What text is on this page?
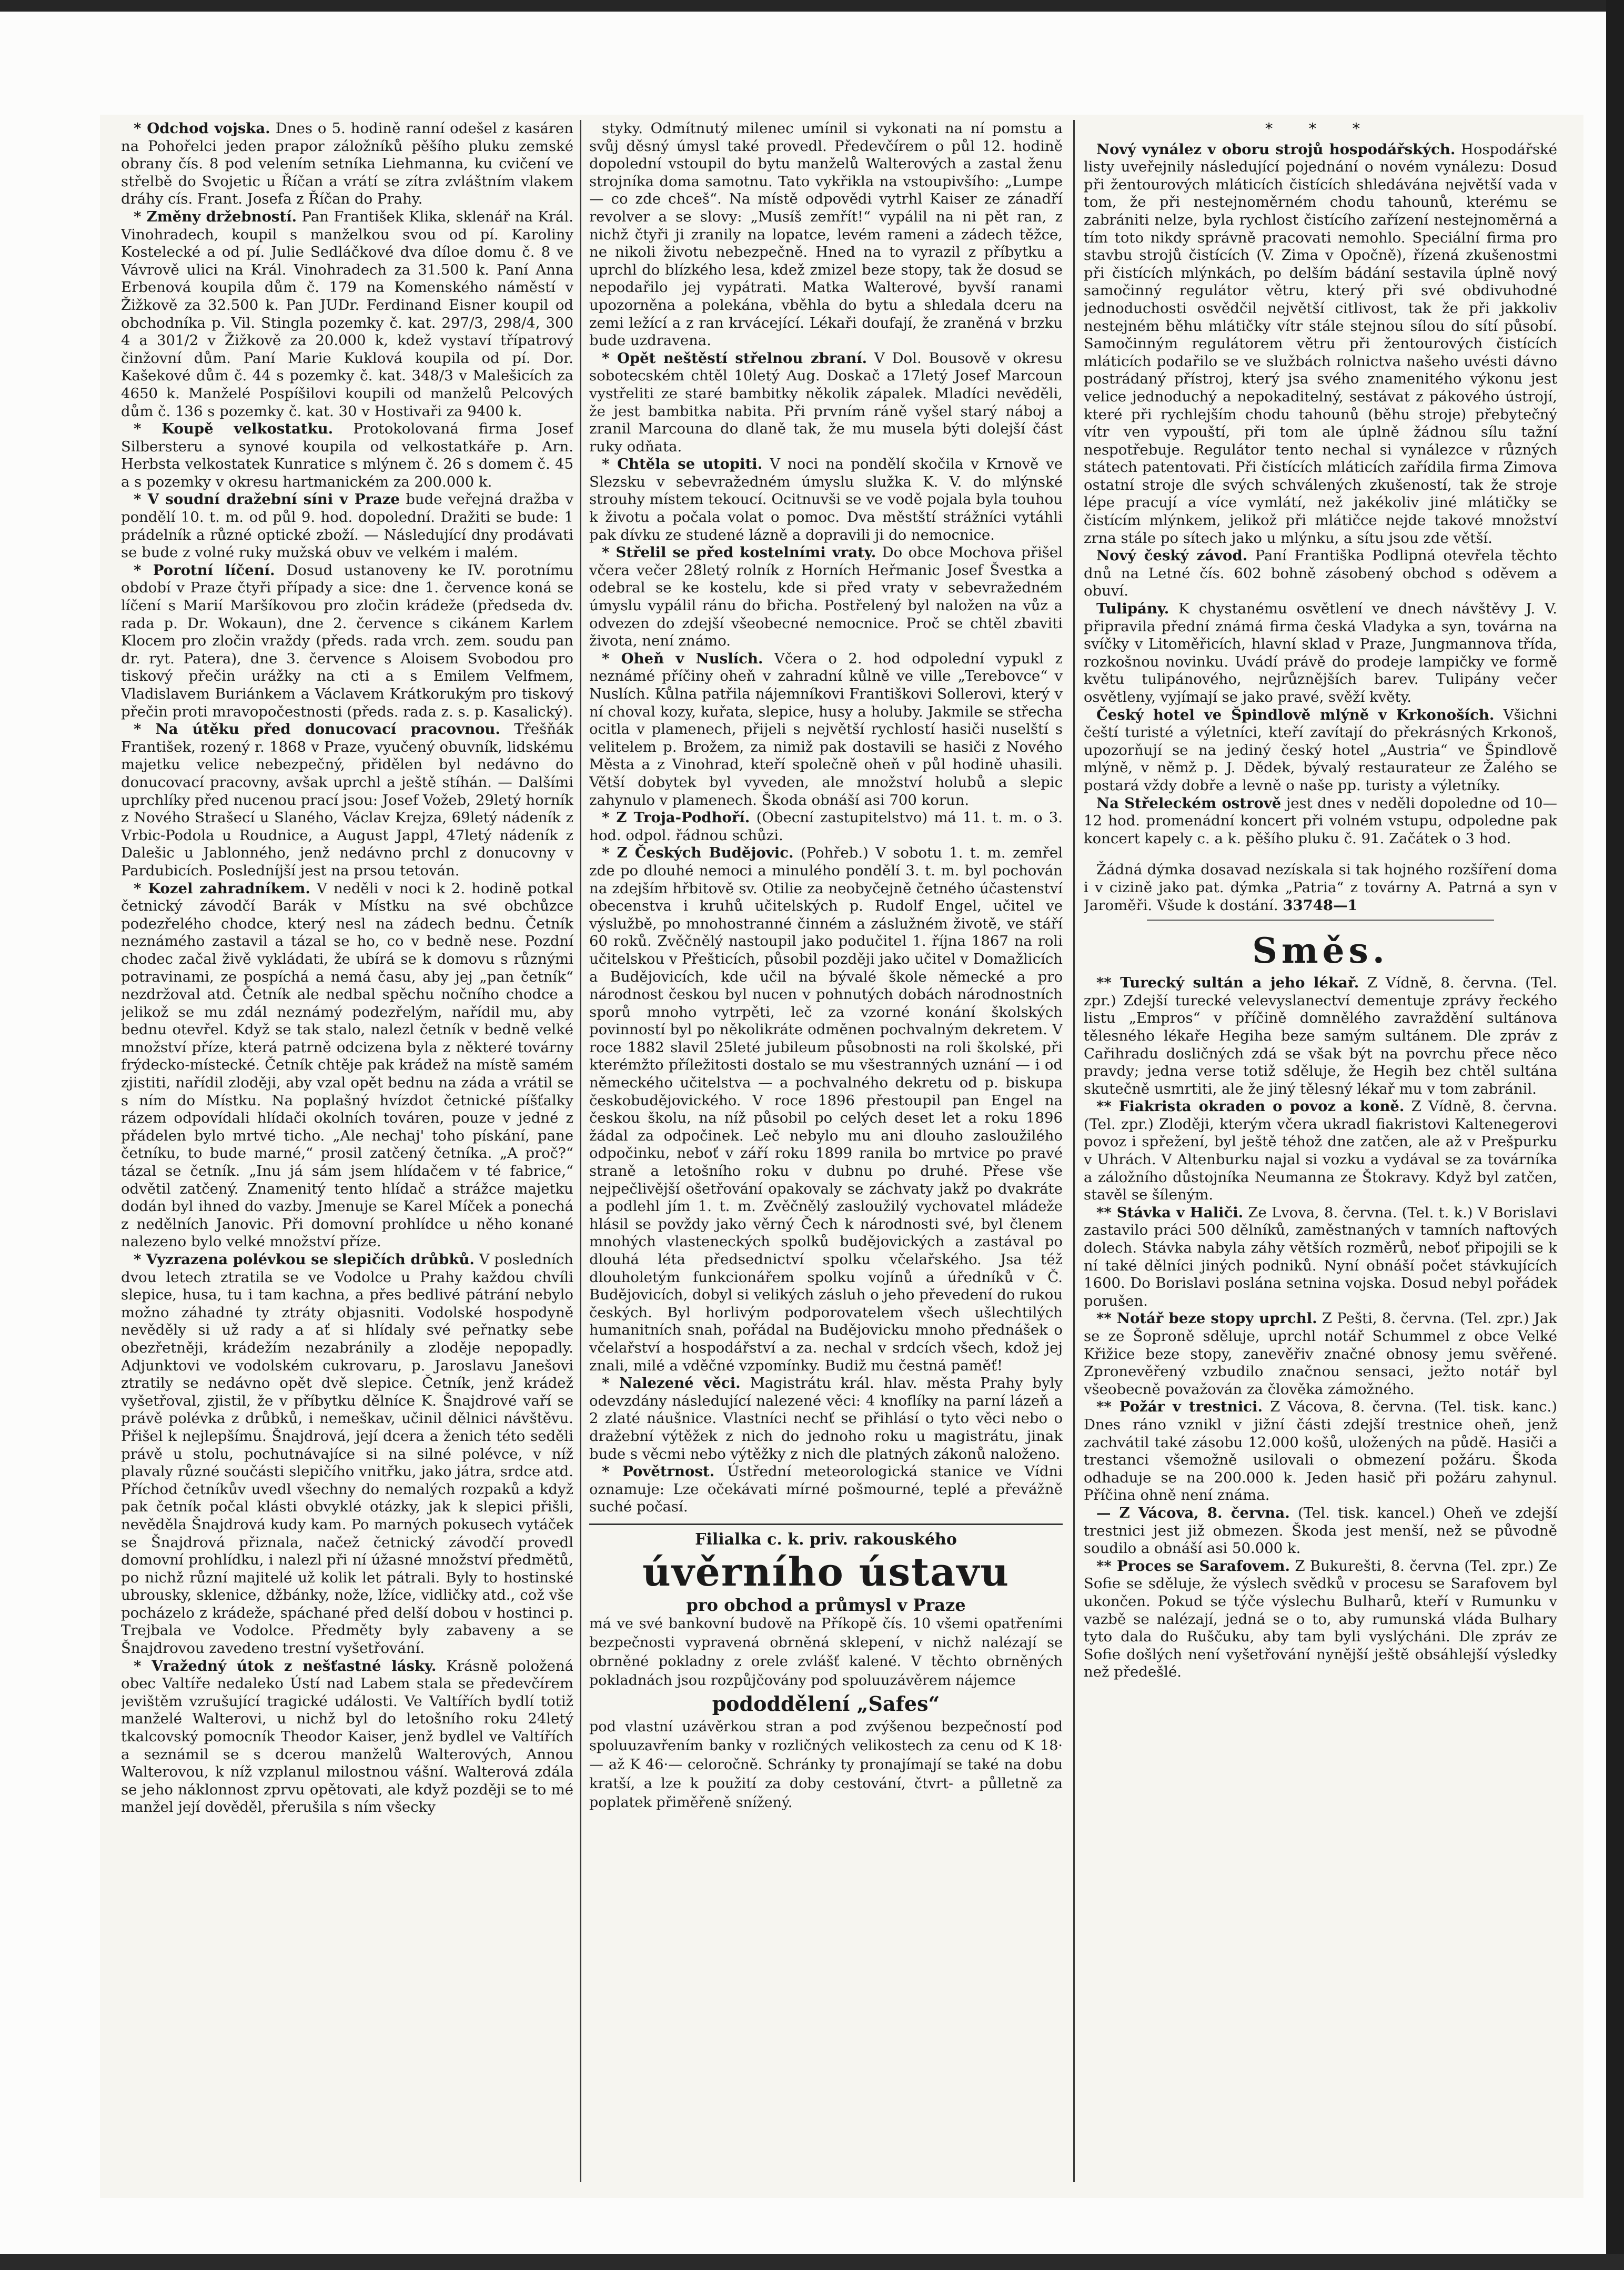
* Odchod vojska. Dnes o 5. hodině ranní odešel z kasáren na Pohořelci jeden prapor záložníků pěšího pluku zemské obrany čís. 8 pod velením setníka Liehmanna, ku cvičení ve střelbě do Svojetic u Říčan a vrátí se zítra zvláštním vlakem dráhy cís. Frant. Josefa z Říčan do Prahy.

* Změny držebností. Pan František Klika, sklenář na Král. Vinohradech, koupil s manželkou svou od pí. Karoliny Kostelecké a od pí. Julie Sedláčkové dva díloe domu č. 8 ve Vávrově ulici na Král. Vinohradech za 31.500 k. Paní Anna Erbenová koupila dům č. 179 na Komenského náměstí v Žižkově za 32.500 k. Pan JUDr. Ferdinand Eisner koupil od obchodníka p. Vil. Stingla pozemky č. kat. 297/3, 298/4, 300 4 a 301/2 v Žižkově za 20.000 k, kdež vystaví třípatrový činžovní dům. Paní Marie Kuklová koupila od pí. Dor. Kašekové dům č. 44 s pozemky č. kat. 348/3 v Malešicích za 4650 k. Manželé Pospíšilovi koupili od manželů Pelcových dům č. 136 s pozemky č. kat. 30 v Hostivaři za 9400 k.

* Koupě velkostatku. Protokolovaná firma Josef Silbersteru a synové koupila od velkostatkáře p. Arn. Herbsta velkostatek Kunratice s mlýnem č. 26 s domem č. 45 a s pozemky v okresu hartmanickém za 200.000 k.

* V soudní dražební síni v Praze bude veřejná dražba v pondělí 10. t. m. od půl 9. hod. dopolední. Dražiti se bude: 1 prádelník a různé optické zboží. — Následující dny prodávati se bude z volné ruky mužská obuv ve velkém i malém.

* Porotní líčení. Dosud ustanoveny ke IV. porotnímu období v Praze čtyři případy a sice: dne 1. července koná se líčení s Marií Maršíkovou pro zločin krádeže (předseda dv. rada p. Dr. Wokaun), dne 2. července s cikánem Karlem Klocem pro zločin vraždy (předs. rada vrch. zem. soudu pan dr. ryt. Patera), dne 3. července s Aloisem Svobodou pro tiskový přečin urážky na cti a s Emilem Velfmem, Vladislavem Buriánkem a Václavem Krátkorukým pro tiskový přečin proti mravopočestnosti (předs. rada z. s. p. Kasalický).

* Na útěku před donucovací pracovnou. Třešňák František, rozený r. 1868 v Praze, vyučený obuvník, lidskému majetku velice nebezpečný, přidělen byl nedávno do donucovací pracovny, avšak uprchl a ještě stíhán. — Dalšími uprchlíky před nucenou prací jsou: Josef Vožeb, 29letý horník z Nového Strašecí u Slaného, Václav Krejza, 69letý nádeník z Vrbic-Podola u Roudnice, a August Jappl, 47letý nádeník z Dalešic u Jablonného, jenž nedávno prchl z donucovny v Pardubicích. Posledníjší jest na prsou tetován.

* Kozel zahradníkem. V neděli v noci k 2. hodině potkal četnický závodčí Barák v Místku na své obchůzce podezřelého chodce, který nesl na zádech bednu. Četník neznámého zastavil a tázal se ho, co v bedně nese. Pozdní chodec začal živě vykládati, že ubírá se k domovu s různými potravinami, ze pospíchá a nemá času, aby jej „pan četník“ nezdržoval atd. Četník ale nedbal spěchu nočního chodce a jelikož se mu zdál neznámý podezřelým, nařídil mu, aby bednu otevřel. Když se tak stalo, nalezl četník v bedně velké množství příze, která patrně odcizena byla z některé továrny frýdecko-místecké. Četník chtěje pak krádež na místě samém zjistiti, nařídil zloději, aby vzal opět bednu na záda a vrátil se s ním do Místku. Na poplašný hvízdot četnické píšťalky rázem odpovídali hlídači okolních továren, pouze v jedné z přádelen bylo mrtvé ticho. „Ale nechaj' toho pískání, pane četníku, to bude marné,“ prosil zatčený četníka. „A proč?“ tázal se četník. „Inu já sám jsem hlídačem v té fabrice,“ odvětil zatčený. Znamenitý tento hlídač a strážce majetku dodán byl ihned do vazby. Jmenuje se Karel Míček a ponechá z nedělních Janovic. Při domovní prohlídce u něho konané nalezeno bylo velké množství příze.

* Vyzrazena polévkou se slepičích drůbků. V posledních dvou letech ztratila se ve Vodolce u Prahy každou chvíli slepice, husa, tu i tam kachna, a přes bedlivé pátrání nebylo možno záhadné ty ztráty objasniti. Vodolské hospodyně nevěděly si už rady a ať si hlídaly své peřnatky sebe obezřetněji, krádežím nezabránily a zloděje nepopadly. Adjunktovi ve vodolském cukrovaru, p. Jaroslavu Janešovi ztratily se nedávno opět dvě slepice. Četník, jenž krádež vyšetřoval, zjistil, že v příbytku dělníce K. Šnajdrové vaří se právě polévka z drůbků, i nemeškav, učinil dělnici návštěvu. Přišel k nejlepšímu. Šnajdrová, její dcera a ženich této seděli právě u stolu, pochutnávajíce si na silné polévce, v níž plavaly různé součásti slepičího vnitřku, jako játra, srdce atd. Příchod četníkův uvedl všechny do nemalých rozpaků a když pak četník počal klásti obvyklé otázky, jak k slepici přišli, nevěděla Šnajdrová kudy kam. Po marných pokusech vytáček se Šnajdrová přiznala, načež četnický závodčí provedl domovní prohlídku, i nalezl při ní úžasné množství předmětů, po nichž různí majitelé už kolik let pátrali. Byly to hostinské ubrousky, sklenice, džbánky, nože, lžíce, vidličky atd., což vše pocházelo z krádeže, spáchané před delší dobou v hostinci p. Trejbala ve Vodolce. Předměty byly zabaveny a se Šnajdrovou zavedeno trestní vyšetřování.

* Vražedný útok z nešťastné lásky. Krásně položená obec Valtíře nedaleko Ústí nad Labem stala se předevčírem jevištěm vzrušující tragické události. Ve Valtířích bydlí totiž manželé Walterovi, u nichž byl do letošního roku 24letý tkalcovský pomocník Theodor Kaiser, jenž bydlel ve Valtířích a seznámil se s dcerou manželů Walterových, Annou Walterovou, k níž vzplanul milostnou vášní. Walterová zdála se jeho náklonnost zprvu opětovati, ale když později se to mé manžel její dověděl, přerušila s ním všecky

styky. Odmítnutý milenec umínil si vykonati na ní pomstu a svůj děsný úmysl také provedl. Předevčírem o půl 12. hodině dopolední vstoupil do bytu manželů Walterových a zastal ženu strojníka doma samotnu. Tato vykřikla na vstoupivšího: „Lumpe — co zde chceš“. Na místě odpovědi vytrhl Kaiser ze zánadří revolver a se slovy: „Musíš zemřít!“ vypálil na ni pět ran, z nichž čtyři ji zranily na lopatce, levém rameni a zádech těžce, ne nikoli životu nebezpečně. Hned na to vyrazil z příbytku a uprchl do blízkého lesa, kdež zmizel beze stopy, tak že dosud se nepodařilo jej vypátrati. Matka Walterové, byvší ranami upozorněna a polekána, vběhla do bytu a shledala dceru na zemi ležící a z ran krvácející. Lékaři doufají, že zraněná v brzku bude uzdravena.

* Opět neštěstí střelnou zbraní. V Dol. Bousově v okresu sobotecském chtěl 10letý Aug. Doskač a 17letý Josef Marcoun vystřeliti ze staré bambitky několik zápalek. Mladíci nevěděli, že jest bambitka nabita. Při prvním ráně vyšel starý náboj a zranil Marcouna do dlaně tak, že mu musela býti dolejší část ruky odňata.

* Chtěla se utopiti. V noci na pondělí skočila v Krnově ve Slezsku v sebevražedném úmyslu služka K. V. do mlýnské strouhy místem tekoucí. Ocitnuvši se ve vodě pojala byla touhou k životu a počala volat o pomoc. Dva městští strážníci vytáhli pak dívku ze studené lázně a dopravili ji do nemocnice.

* Střelil se před kostelními vraty. Do obce Mochova přišel včera večer 28letý rolník z Horních Heřmanic Josef Švestka a odebral se ke kostelu, kde si před vraty v sebevražedném úmyslu vypálil ránu do břicha. Postřelený byl naložen na vůz a odvezen do zdejší všeobecné nemocnice. Proč se chtěl zbaviti života, není známo.

* Oheň v Nuslích. Včera o 2. hod odpolední vypukl z neznámé příčiny oheň v zahradní kůlně ve ville „Terebovce“ v Nuslích. Kůlna patřila nájemníkovi Františkovi Sollerovi, který v ní choval kozy, kuřata, slepice, husy a holuby. Jakmile se střecha ocitla v plamenech, přijeli s největší rychlostí hasiči nuselští s velitelem p. Brožem, za nimiž pak dostavili se hasiči z Nového Města a z Vinohrad, kteří společně oheň v půl hodině uhasili. Větší dobytek byl vyveden, ale množství holubů a slepic zahynulo v plamenech. Škoda obnáší asi 700 korun.

* Z Troja-Podhoří. (Obecní zastupitelstvo) má 11. t. m. o 3. hod. odpol. řádnou schůzi.

* Z Českých Budějovic. (Pohřeb.) V sobotu 1. t. m. zemřel zde po dlouhé nemoci a minulého pondělí 3. t. m. byl pochován na zdejším hřbitově sv. Otilie za neobyčejně četného účastenství obecenstva i kruhů učitelských p. Rudolf Engel, učitel ve výslužbě, po mnohostranné činném a záslužném životě, ve stáří 60 roků. Zvěčnělý nastoupil jako podučitel 1. října 1867 na roli učitelskou v Přešticích, působil později jako učitel v Domažlicích a Budějovicích, kde učil na bývalé škole německé a pro národnost českou byl nucen v pohnutých dobách národnostních sporů mnoho vytrpěti, leč za vzorné konání školských povinností byl po několikráte odměnen pochvalným dekretem. V roce 1882 slavil 25leté jubileum působnosti na roli školské, při kterémžto příležitosti dostalo se mu všestranných uznání — i od německého učitelstva — a pochvalného dekretu od p. biskupa českobudějovického. V roce 1896 přestoupil pan Engel na českou školu, na níž působil po celých deset let a roku 1896 žádal za odpočinek. Leč nebylo mu ani dlouho zasloužilého odpočinku, neboť v září roku 1899 ranila bo mrtvice po pravé straně a letošního roku v dubnu po druhé. Přese vše nejpečlivější ošetřování opakovaly se záchvaty jakž po dvakráte a podlehl jím 1. t. m. Zvěčnělý zasloužilý vychovatel mládeže hlásil se povždy jako věrný Čech k národnosti své, byl členem mnohých vlasteneckých spolků budějovických a zastával po dlouhá léta předsednictví spolku včelařského. Jsa též dlouholetým funkcionářem spolku vojínů a úředníků v Č. Budějovicích, dobyl si velikých zásluh o jeho převedení do rukou českých. Byl horlivým podporovatelem všech ušlechtilých humanitních snah, pořádal na Budějovicku mnoho přednášek o včelařství a hospodářství a za. nechal v srdcích všech, kdož jej znali, milé a vděčné vzpomínky. Budiž mu čestná paměť!

* Nalezené věci. Magistrátu král. hlav. města Prahy byly odevzdány následující nalezené věci: 4 knoflíky na parní lázeň a 2 zlaté náušnice. Vlastníci nechť se přihlásí o tyto věci nebo o dražební výtěžek z nich do jednoho roku u magistrátu, jinak bude s věcmi nebo výtěžky z nich dle platných zákonů naloženo.

* Povětrnost. Ústřední meteorologická stanice ve Vídni oznamuje: Lze očekávati mírné pošmourné, teplé a převážně suché počasí.

Filialka c. k. priv. rakouského
úvěrního ústavu
pro obchod a průmysl v Praze
má ve své bankovní budově na Příkopě čís. 10 všemi opatřeními bezpečnosti vypravená obrněná sklepení, v nichž nalézají se obrněné pokladny z orele zvlášť kalené. V těchto obrněných pokladnách jsou rozpůjčovány pod spoluuzávěrem nájemce
pododdělení „Safes“
pod vlastní uzávěrkou stran a pod zvýšenou bezpečností pod spoluuzavřením banky v rozličných velikostech za cenu od K 18·— až K 46·— celoročně. Schránky ty pronajímají se také na dobu kratší, a lze k použití za doby cestování, čtvrt- a půlletně za poplatek přiměřeně snížený.
* * *

Nový vynález v oboru strojů hospodářských. Hospodářské listy uveřejnily následující pojednání o novém vynálezu: Dosud při žentourových mláticích čistících shledávána největší vada v tom, že při nestejnoměrném chodu tahounů, kterému se zabrániti nelze, byla rychlost čistícího zařízení nestejnoměrná a tím toto nikdy správně pracovati nemohlo. Speciální firma pro stavbu strojů čistících (V. Zima v Opočně), řízená zkušenostmi při čistících mlýnkách, po delším bádání sestavila úplně nový samočinný regulátor větru, který při své obdivuhodné jednoduchosti osvědčil největší citlivost, tak že při jakkoliv nestejném běhu mlátičky vítr stále stejnou sílou do sítí působí. Samočinným regulátorem větru při žentourových čistících mláticích podařilo se ve službách rolnictva našeho uvésti dávno postrádaný přístroj, který jsa svého znamenitého výkonu jest velice jednoduchý a nepokaditelný, sestávat z pákového ústrojí, které při rychlejším chodu tahounů (běhu stroje) přebytečný vítr ven vypouští, při tom ale úplně žádnou sílu tažní nespotřebuje. Regulátor tento nechal si vynálezce v různých státech patentovati. Při čistících mláticích zařídila firma Zimova ostatní stroje dle svých schválených zkušeností, tak že stroje lépe pracují a více vymlátí, než jakékoliv jiné mlátičky se čistícím mlýnkem, jelikož při mlátičce nejde takové množství zrna stále po sítech jako u mlýnku, a sítu jsou zde větší.

Nový český závod. Paní Františka Podlipná otevřela těchto dnů na Letné čís. 602 bohně zásobený obchod s oděvem a obuví.

Tulipány. K chystanému osvětlení ve dnech návštěvy J. V. připravila přední známá firma česká Vladyka a syn, továrna na svíčky v Litoměřicích, hlavní sklad v Praze, Jungmannova třída, rozkošnou novinku. Uvádí právě do prodeje lampičky ve formě květu tulipánového, nejrůznějších barev. Tulipány večer osvětleny, vyjímají se jako pravé, svěží květy.

Český hotel ve Špindlově mlýně v Krkonoších. Všichni čeští turisté a výletníci, kteří zavítají do překrásných Krkonoš, upozorňují se na jediný český hotel „Austria“ ve Špindlově mlýně, v němž p. J. Dědek, bývalý restaurateur ze Žalého se postará vždy dobře a levně o naše pp. turisty a výletníky.

Na Střeleckém ostrově jest dnes v neděli dopoledne od 10—12 hod. promenádní koncert při volném vstupu, odpoledne pak koncert kapely c. a k. pěšího pluku č. 91. Začátek o 3 hod.

Žádná dýmka dosavad nezískala si tak hojného rozšíření doma i v cizině jako pat. dýmka „Patria“ z továrny A. Patrná a syn v Jaroměři. Všude k dostání. 33748—1

Směs.

** Turecký sultán a jeho lékař. Z Vídně, 8. června. (Tel. zpr.) Zdejší turecké velevyslanectví dementuje zprávy řeckého listu „Empros“ v příčině domnělého zavraždění sultánova tělesného lékaře Hegiha beze samým sultánem. Dle zpráv z Cařihradu dosličných zdá se však být na povrchu přece něco pravdy; jedna verse totiž sděluje, že Hegih bez chtěl sultána skutečně usmrtiti, ale že jiný tělesný lékař mu v tom zabránil.

** Fiakrista okraden o povoz a koně. Z Vídně, 8. června. (Tel. zpr.) Zloději, kterým včera ukradl fiakristovi Kaltenegerovi povoz i spřežení, byl ještě téhož dne zatčen, ale až v Prešpurku v Uhrách. V Altenburku najal si vozku a vydával se za továrníka a záložního důstojníka Neumanna ze Štokravy. Když byl zatčen, stavěl se šíleným.

** Stávka v Haliči. Ze Lvova, 8. června. (Tel. t. k.) V Borislavi zastavilo práci 500 dělníků, zaměstnaných v tamních naftových dolech. Stávka nabyla záhy větších rozměrů, neboť připojili se k ní také dělníci jiných podniků. Nyní obnáší počet stávkujících 1600. Do Borislavi poslána setnina vojska. Dosud nebyl pořádek porušen.

** Notář beze stopy uprchl. Z Pešti, 8. června. (Tel. zpr.) Jak se ze Šoproně sděluje, uprchl notář Schummel z obce Velké Křižice beze stopy, zanevěřiv značné obnosy jemu svěřené. Zpronevěřený vzbudilo značnou sensaci, ježto notář byl všeobecně považován za člověka zámožného.

** Požár v trestnici. Z Vácova, 8. června. (Tel. tisk. kanc.) Dnes ráno vznikl v jižní části zdejší trestnice oheň, jenž zachvátil také zásobu 12.000 košů, uložených na půdě. Hasiči a trestanci všemožně usilovali o obmezení požáru. Škoda odhaduje se na 200.000 k. Jeden hasič při požáru zahynul. Příčina ohně není známa.

— Z Vácova, 8. června. (Tel. tisk. kancel.) Oheň ve zdejší trestnici jest již obmezen. Škoda jest menší, než se původně soudilo a obnáší asi 50.000 k.

** Proces se Sarafovem. Z Bukurešti, 8. června (Tel. zpr.) Ze Sofie se sděluje, že výslech svědků v procesu se Sarafovem byl ukončen. Pokud se týče výslechu Bulharů, kteří v Rumunku v vazbě se nalézají, jedná se o to, aby rumunská vláda Bulhary tyto dala do Ruščuku, aby tam byli vyslýcháni. Dle zpráv ze Sofie došlých není vyšetřování nynější ještě obsáhlejší výsledky než předešlé.
